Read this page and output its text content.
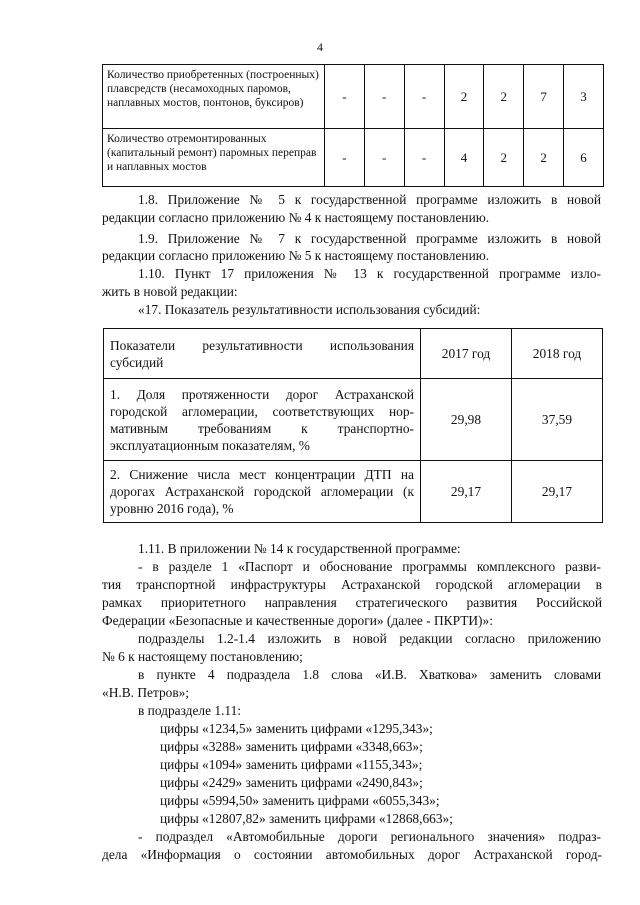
4
Количество приобретенных (построенных) плавсредств (несамоходных паромов, наплавных мостов, понтонов, буксиров)	-	-	-	2	2	7	3
Количество отремонтированных (капитальный ремонт) паромных переправ и наплавных мостов	-	-	-	4	2	2	6
1.8. Приложение № 5 к государственной программе изложить в новой
редакции согласно приложению № 4 к настоящему постановлению.
1.9. Приложение № 7 к государственной программе изложить в новой
редакции согласно приложению № 5 к настоящему постановлению.
1.10. Пункт 17 приложения № 13 к государственной программе изло-
жить в новой редакции:
«17. Показатель результативности использования субсидий:
Показатели результативности использования субсидий	2017 год	2018 год
1. Доля протяженности дорог Астраханской городской агломерации, соответствующих нормативным требованиям к транспортно-эксплуатационным показателям, %	29,98	37,59
2. Снижение числа мест концентрации ДТП на дорогах Астраханской городской агломерации (к уровню 2016 года), %	29,17	29,17
1.11. В приложении № 14 к государственной программе:
- в разделе 1 «Паспорт и обоснование программы комплексного разви-
тия транспортной инфраструктуры Астраханской городской агломерации в
рамках приоритетного направления стратегического развития Российской
Федерации «Безопасные и качественные дороги» (далее - ПКРТИ)»:
подразделы 1.2-1.4 изложить в новой редакции согласно приложению
№ 6 к настоящему постановлению;
в пункте 4 подраздела 1.8 слова «И.В. Хваткова» заменить словами
«Н.В. Петров»;
в подразделе 1.11:
цифры «1234,5» заменить цифрами «1295,343»;
цифры «3288» заменить цифрами «3348,663»;
цифры «1094» заменить цифрами «1155,343»;
цифры «2429» заменить цифрами «2490,843»;
цифры «5994,50» заменить цифрами «6055,343»;
цифры «12807,82» заменить цифрами «12868,663»;
- подраздел «Автомобильные дороги регионального значения» подраз-
дела «Информация о состоянии автомобильных дорог Астраханской город-
